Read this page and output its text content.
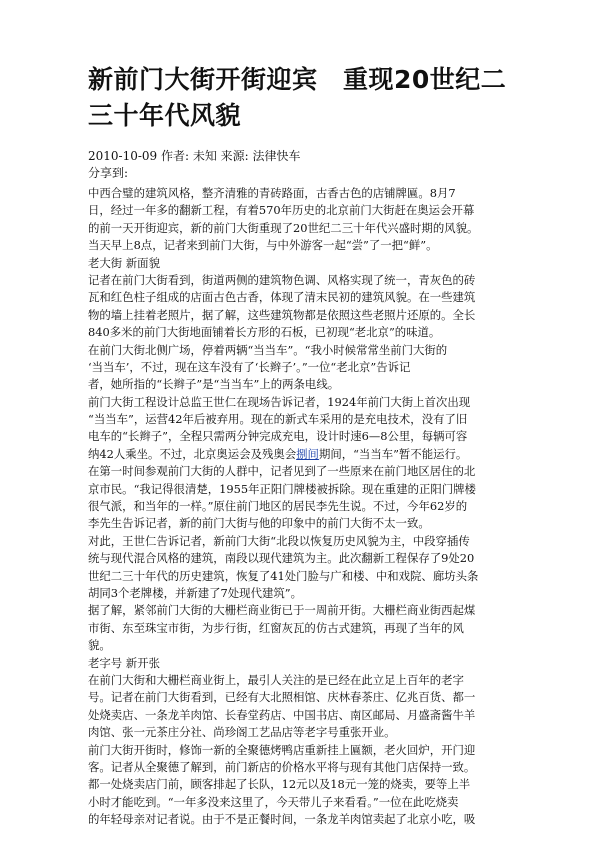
新前门大街开街迎宾　重现20世纪二
三十年代风貌
2010-10-09 作者: 未知 来源: 法律快车
分享到:
中西合璧的建筑风格，整齐清雅的青砖路面，古香古色的店铺牌匾。8月7
日，经过一年多的翻新工程，有着570年历史的北京前门大街赶在奥运会开幕
的前一天开街迎宾，新的前门大街重现了20世纪二三十年代兴盛时期的风貌。
当天早上8点，记者来到前门大街，与中外游客一起“尝”了一把“鲜”。
老大街 新面貌
记者在前门大街看到，街道两侧的建筑物色调、风格实现了统一，青灰色的砖
瓦和红色柱子组成的店面古色古香，体现了清末民初的建筑风貌。在一些建筑
物的墙上挂着老照片，据了解，这些建筑物都是依照这些老照片还原的。全长
840多米的前门大街地面铺着长方形的石板，已初现“老北京”的味道。
在前门大街北侧广场，停着两辆“当当车”。“我小时候常常坐前门大街的
‘当当车’，不过，现在这车没有了‘长辫子’。”一位“老北京”告诉记
者，她所指的“长辫子”是“当当车”上的两条电线。
前门大街工程设计总监王世仁在现场告诉记者，1924年前门大街上首次出现
“当当车”，运营42年后被弃用。现在的新式车采用的是充电技术，没有了旧
电车的“长辫子”，全程只需两分钟完成充电，设计时速6—8公里，每辆可容
纳42人乘坐。不过，北京奥运会及残奥会捌间期间，“当当车”暂不能运行。
在第一时间参观前门大街的人群中，记者见到了一些原来在前门地区居住的北
京市民。“我记得很清楚，1955年正阳门牌楼被拆除。现在重建的正阳门牌楼
很气派，和当年的一样。”原住前门地区的居民李先生说。不过，今年62岁的
李先生告诉记者，新的前门大街与他的印象中的前门大街不太一致。
对此，王世仁告诉记者，新前门大街“北段以恢复历史风貌为主，中段穿插传
统与现代混合风格的建筑，南段以现代建筑为主。此次翻新工程保存了9处20
世纪二三十年代的历史建筑，恢复了41处门脸与广和楼、中和戏院、廊坊头条
胡同3个老牌楼，并新建了7处现代建筑”。
据了解，紧邻前门大街的大栅栏商业街已于一周前开街。大栅栏商业街西起煤
市街、东至珠宝市街，为步行街，红窗灰瓦的仿古式建筑，再现了当年的风
貌。
老字号 新开张
在前门大街和大栅栏商业街上，最引人关注的是已经在此立足上百年的老字
号。记者在前门大街看到，已经有大北照相馆、庆林春茶庄、亿兆百货、都一
处烧卖店、一条龙羊肉馆、长春堂药店、中国书店、南区邮局、月盛斋酱牛羊
肉馆、张一元茶庄分社、尚珍阁工艺品店等老字号重张开业。
前门大街开街时，修饰一新的全聚德烤鸭店重新挂上匾额，老火回炉，开门迎
客。记者从全聚德了解到，前门新店的价格水平将与现有其他门店保持一致。
都一处烧卖店门前，顾客排起了长队，12元以及18元一笼的烧卖，要等上半
小时才能吃到。“一年多没来这里了，今天带儿子来看看。”一位在此吃烧卖
的年轻母亲对记者说。由于不是正餐时间，一条龙羊肉馆卖起了北京小吃，吸
